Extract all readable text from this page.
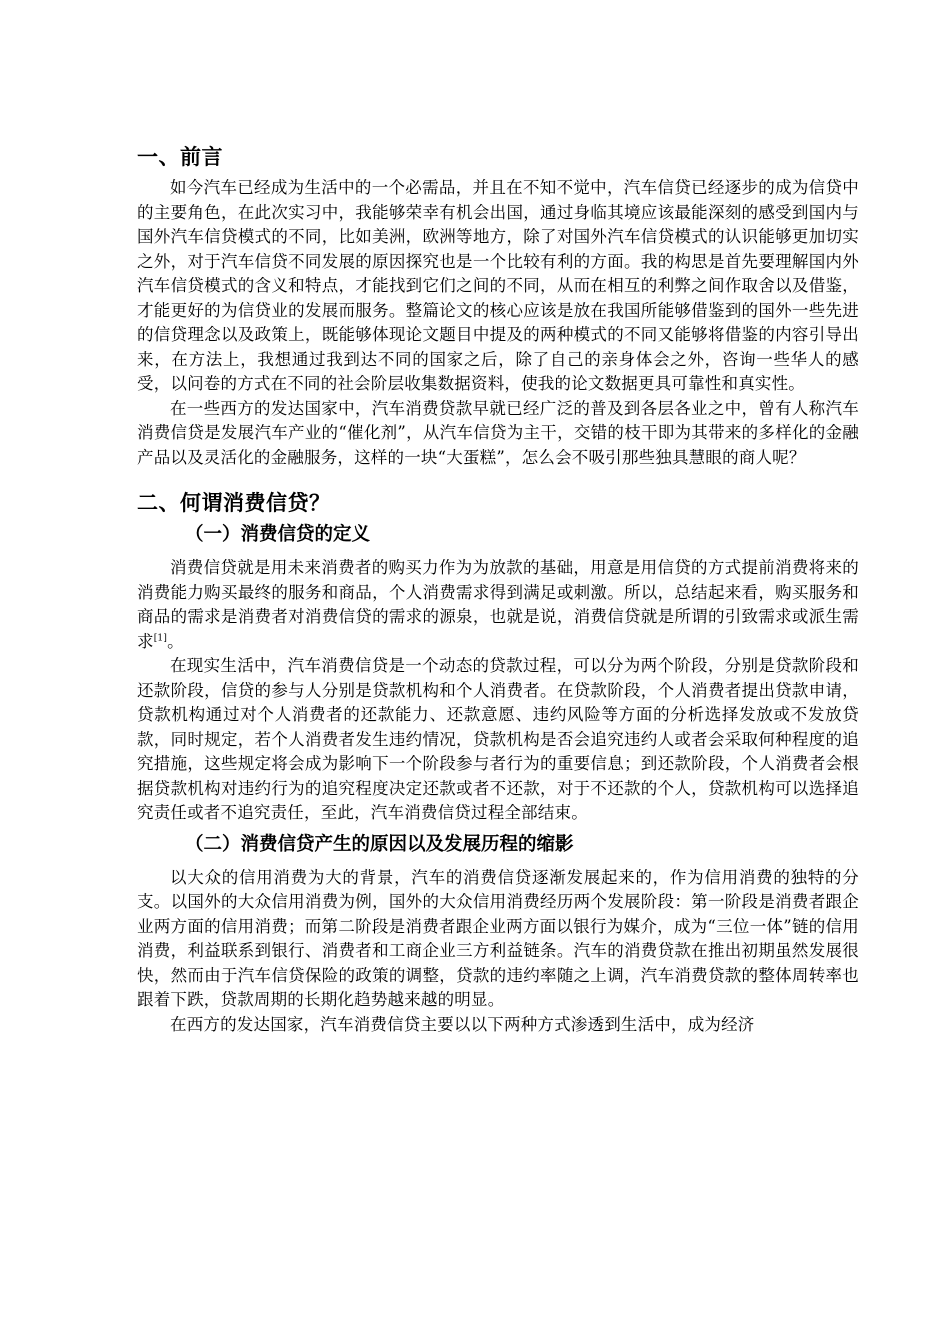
一、前言

如今汽车已经成为生活中的一个必需品，并且在不知不觉中，汽车信贷已经逐步的成为信贷中的主要角色，在此次实习中，我能够荣幸有机会出国，通过身临其境应该最能深刻的感受到国内与国外汽车信贷模式的不同，比如美洲，欧洲等地方，除了对国外汽车信贷模式的认识能够更加切实之外，对于汽车信贷不同发展的原因探究也是一个比较有利的方面。我的构思是首先要理解国内外汽车信贷模式的含义和特点，才能找到它们之间的不同，从而在相互的利弊之间作取舍以及借鉴，才能更好的为信贷业的发展而服务。整篇论文的核心应该是放在我国所能够借鉴到的国外一些先进的信贷理念以及政策上，既能够体现论文题目中提及的两种模式的不同又能够将借鉴的内容引导出来，在方法上，我想通过我到达不同的国家之后，除了自己的亲身体会之外，咨询一些华人的感受，以问卷的方式在不同的社会阶层收集数据资料，使我的论文数据更具可靠性和真实性。

在一些西方的发达国家中，汽车消费贷款早就已经广泛的普及到各层各业之中，曾有人称汽车消费信贷是发展汽车产业的“催化剂”，从汽车信贷为主干，交错的枝干即为其带来的多样化的金融产品以及灵活化的金融服务，这样的一块“大蛋糕”，怎么会不吸引那些独具慧眼的商人呢？

二、何谓消费信贷？
（一）消费信贷的定义

消费信贷就是用未来消费者的购买力作为为放款的基础，用意是用信贷的方式提前消费将来的消费能力购买最终的服务和商品，个人消费需求得到满足或刺激。所以，总结起来看，购买服务和商品的需求是消费者对消费信贷的需求的源泉，也就是说，消费信贷就是所谓的引致需求或派生需求[1]。

在现实生活中，汽车消费信贷是一个动态的贷款过程，可以分为两个阶段，分别是贷款阶段和还款阶段，信贷的参与人分别是贷款机构和个人消费者。在贷款阶段，个人消费者提出贷款申请，贷款机构通过对个人消费者的还款能力、还款意愿、违约风险等方面的分析选择发放或不发放贷款，同时规定，若个人消费者发生违约情况，贷款机构是否会追究违约人或者会采取何种程度的追究措施，这些规定将会成为影响下一个阶段参与者行为的重要信息；到还款阶段，个人消费者会根据贷款机构对违约行为的追究程度决定还款或者不还款，对于不还款的个人，贷款机构可以选择追究责任或者不追究责任，至此，汽车消费信贷过程全部结束。

（二）消费信贷产生的原因以及发展历程的缩影

以大众的信用消费为大的背景，汽车的消费信贷逐渐发展起来的，作为信用消费的独特的分支。以国外的大众信用消费为例，国外的大众信用消费经历两个发展阶段：第一阶段是消费者跟企业两方面的信用消费；而第二阶段是消费者跟企业两方面以银行为媒介，成为“三位一体”链的信用消费，利益联系到银行、消费者和工商企业三方利益链条。汽车的消费贷款在推出初期虽然发展很快，然而由于汽车信贷保险的政策的调整，贷款的违约率随之上调，汽车消费贷款的整体周转率也跟着下跌，贷款周期的长期化趋势越来越的明显。

在西方的发达国家，汽车消费信贷主要以以下两种方式渗透到生活中，成为经济
